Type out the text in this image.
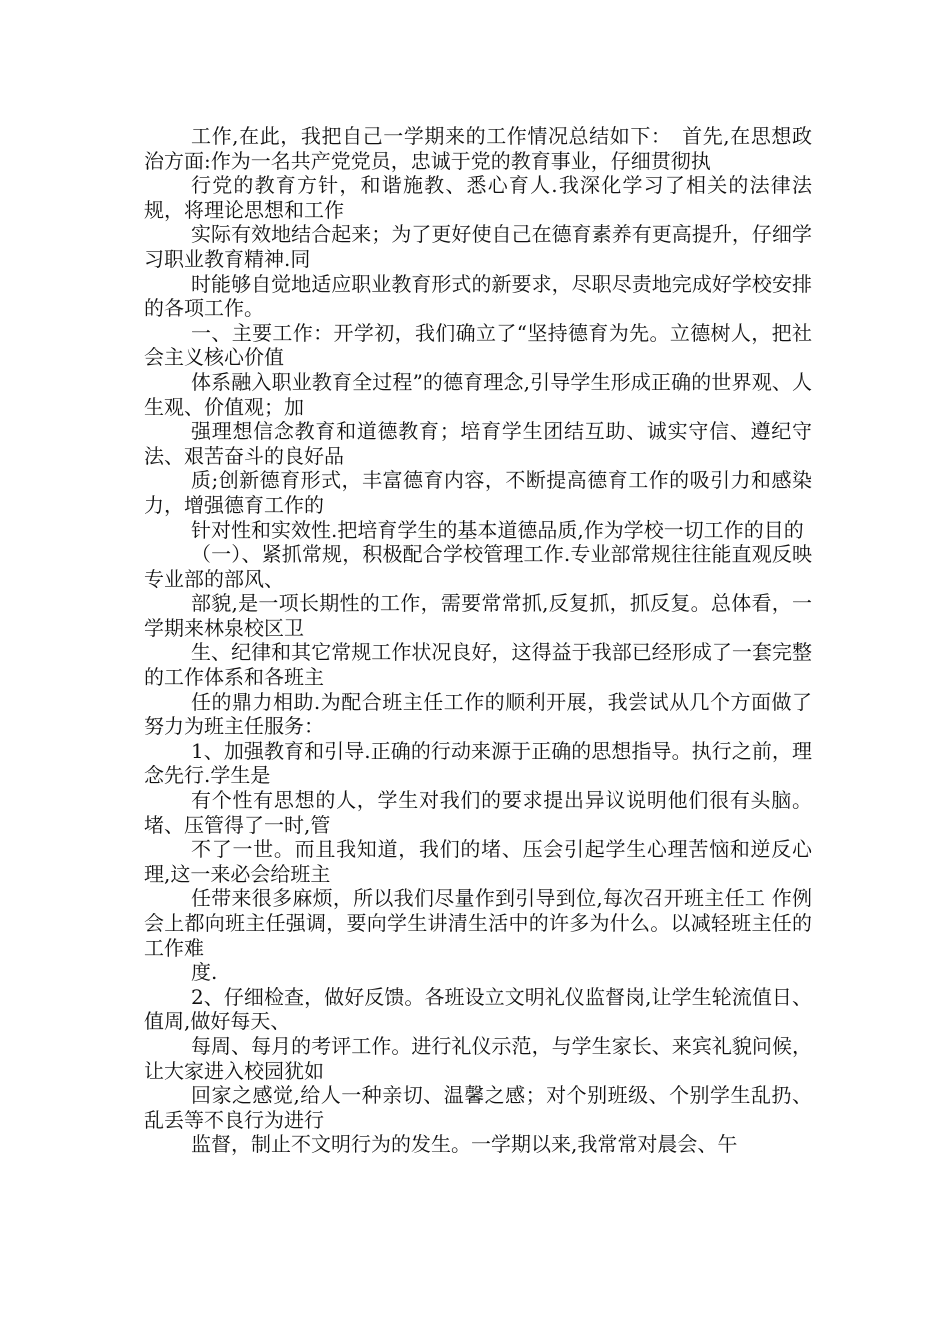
工作,在此，我把自己一学期来的工作情况总结如下：　首先,在思想政治方面:作为一名共产党党员，忠诚于党的教育事业，仔细贯彻执

行党的教育方针，和谐施教、悉心育人.我深化学习了相关的法律法规，将理论思想和工作

实际有效地结合起来；为了更好使自己在德育素养有更高提升，仔细学习职业教育精神.同

时能够自觉地适应职业教育形式的新要求，尽职尽责地完成好学校安排的各项工作。

一、主要工作：开学初，我们确立了“坚持德育为先。立德树人，把社会主义核心价值

体系融入职业教育全过程”的德育理念,引导学生形成正确的世界观、人生观、价值观；加

强理想信念教育和道德教育；培育学生团结互助、诚实守信、遵纪守法、艰苦奋斗的良好品

质;创新德育形式，丰富德育内容，不断提高德育工作的吸引力和感染力，增强德育工作的

针对性和实效性.把培育学生的基本道德品质,作为学校一切工作的目的

（一）、紧抓常规，积极配合学校管理工作.专业部常规往往能直观反映专业部的部风、

部貌,是一项长期性的工作，需要常常抓,反复抓，抓反复。总体看，一学期来林泉校区卫

生、纪律和其它常规工作状况良好，这得益于我部已经形成了一套完整的工作体系和各班主

任的鼎力相助.为配合班主任工作的顺利开展，我尝试从几个方面做了努力为班主任服务：

1、加强教育和引导.正确的行动来源于正确的思想指导。执行之前，理念先行.学生是

有个性有思想的人，学生对我们的要求提出异议说明他们很有头脑。堵、压管得了一时,管

不了一世。而且我知道，我们的堵、压会引起学生心理苦恼和逆反心理,这一来必会给班主

任带来很多麻烦，所以我们尽量作到引导到位,每次召开班主任工 作例会上都向班主任强调，要向学生讲清生活中的许多为什么。以减轻班主任的工作难

度.

2、仔细检查，做好反馈。各班设立文明礼仪监督岗,让学生轮流值日、值周,做好每天、

每周、每月的考评工作。进行礼仪示范，与学生家长、来宾礼貌问候，让大家进入校园犹如

回家之感觉,给人一种亲切、温馨之感；对个别班级、个别学生乱扔、乱丢等不良行为进行

监督，制止不文明行为的发生。一学期以来,我常常对晨会、午
